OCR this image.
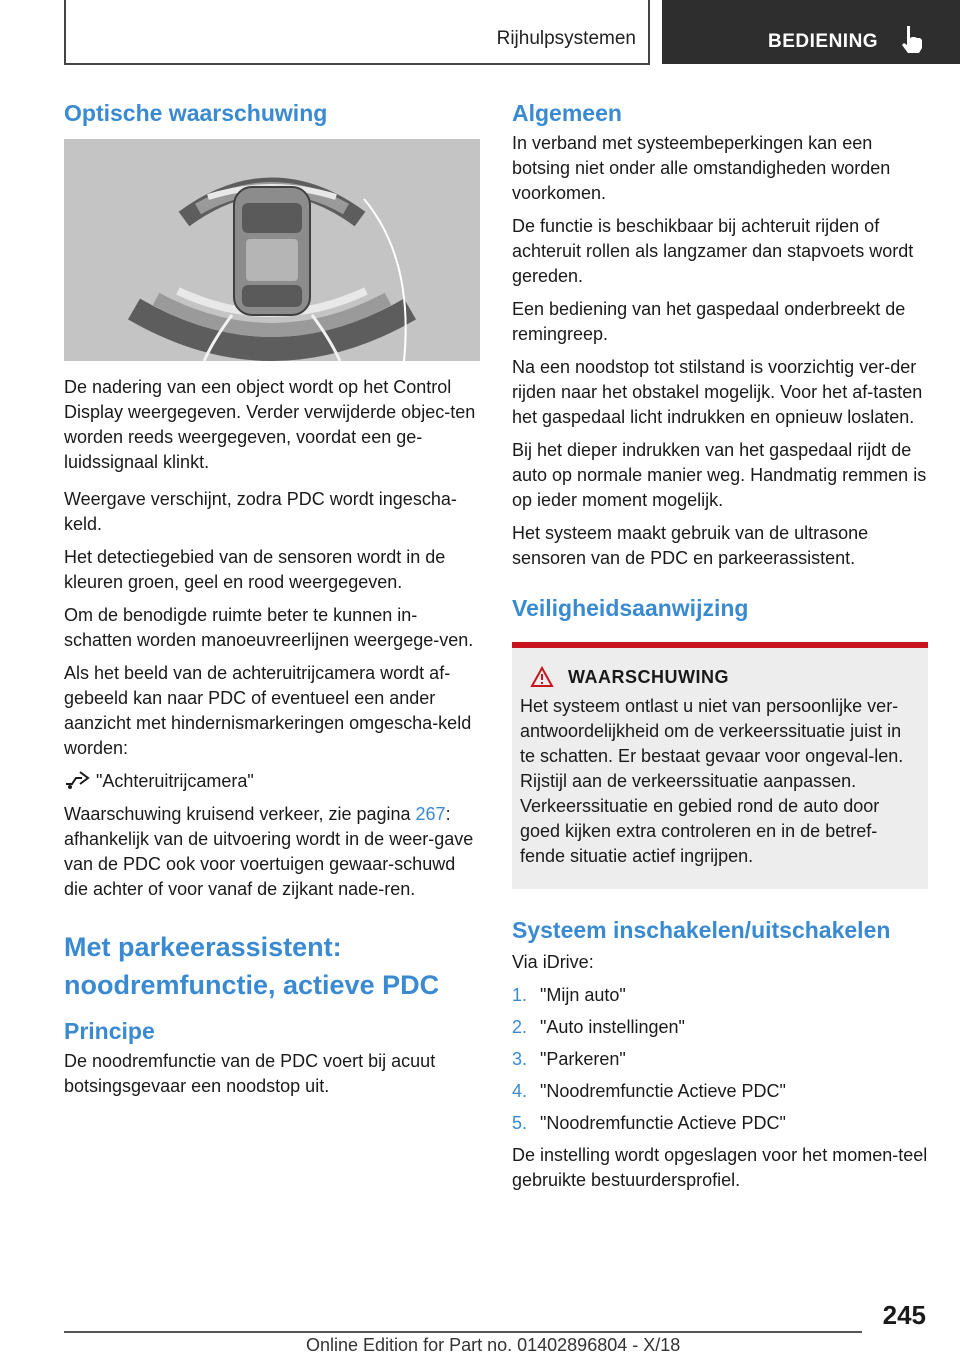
Rijhulpsystemen	BEDIENING
Optische waarschuwing

De nadering van een object wordt op het Control Display weergegeven. Verder verwijderde objec-ten worden reeds weergegeven, voordat een ge-luidssignaal klinkt.

Weergave verschijnt, zodra PDC wordt ingescha-keld.

Het detectiegebied van de sensoren wordt in de kleuren groen, geel en rood weergegeven.

Om de benodigde ruimte beter te kunnen in-schatten worden manoeuvreerlijnen weergege-ven.

Als het beeld van de achteruitrijcamera wordt af-gebeeld kan naar PDC of eventueel een ander aanzicht met hindernismarkeringen omgescha-keld worden:

"Achteruitrijcamera"

Waarschuwing kruisend verkeer, zie pagina 267: afhankelijk van de uitvoering wordt in de weer-gave van de PDC ook voor voertuigen gewaar-schuwd die achter of voor vanaf de zijkant nade-ren.

Met parkeerassistent: noodremfunctie, actieve PDC
Principe

De noodremfunctie van de PDC voert bij acuut botsingsgevaar een noodstop uit.

Algemeen

In verband met systeembeperkingen kan een botsing niet onder alle omstandigheden worden voorkomen.

De functie is beschikbaar bij achteruit rijden of achteruit rollen als langzamer dan stapvoets wordt gereden.

Een bediening van het gaspedaal onderbreekt de remingreep.

Na een noodstop tot stilstand is voorzichtig ver-der rijden naar het obstakel mogelijk. Voor het af-tasten het gaspedaal licht indrukken en opnieuw loslaten.

Bij het dieper indrukken van het gaspedaal rijdt de auto op normale manier weg. Handmatig remmen is op ieder moment mogelijk.

Het systeem maakt gebruik van de ultrasone sensoren van de PDC en parkeerassistent.

Veiligheidsaanwijzing
WAARSCHUWING

Het systeem ontlast u niet van persoonlijke ver-antwoordelijkheid om de verkeerssituatie juist in te schatten. Er bestaat gevaar voor ongeval-len. Rijstijl aan de verkeerssituatie aanpassen. Verkeerssituatie en gebied rond de auto door goed kijken extra controleren en in de betref-fende situatie actief ingrijpen.

Systeem inschakelen/uitschakelen

Via iDrive:

1. "Mijn auto"
2. "Auto instellingen"
3. "Parkeren"
4. "Noodremfunctie Actieve PDC"
5. "Noodremfunctie Actieve PDC"

De instelling wordt opgeslagen voor het momen-teel gebruikte bestuurdersprofiel.

245
Online Edition for Part no. 01402896804 - X/18
